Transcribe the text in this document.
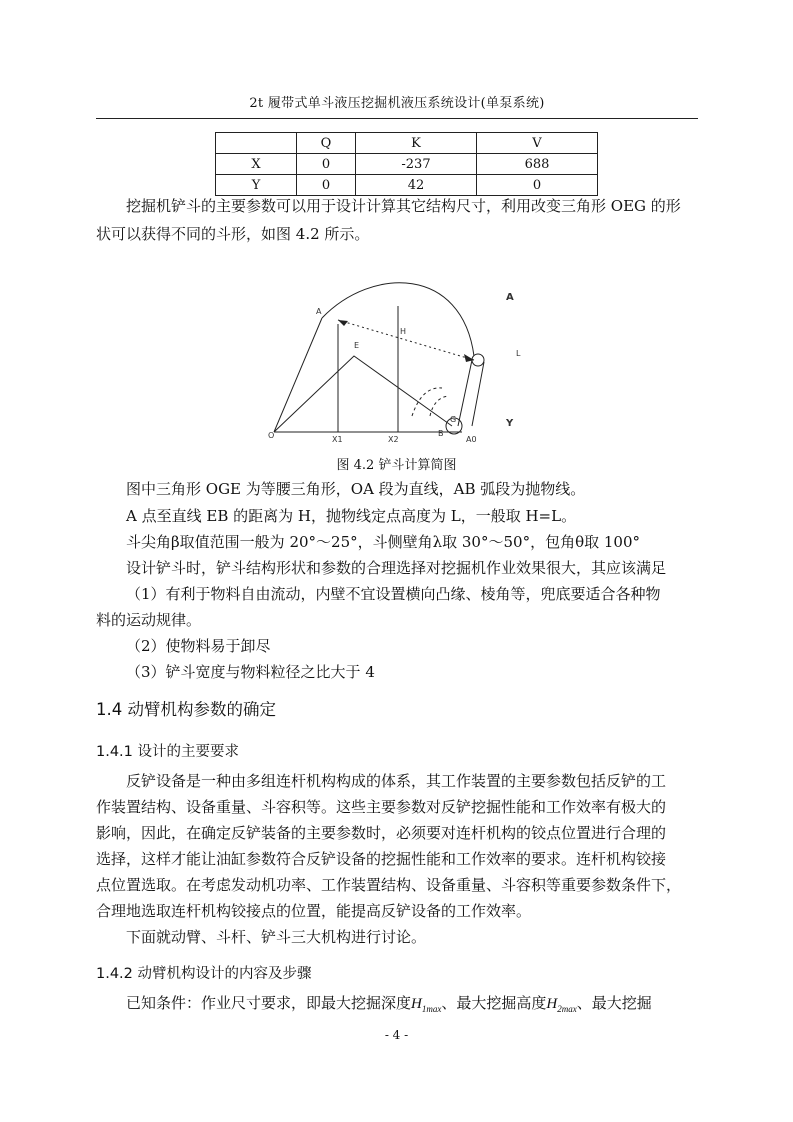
2t 履带式单斗液压挖掘机液压系统设计(单泵系统)
	Q	K	V
X	0	-237	688
Y	0	42	0
挖掘机铲斗的主要参数可以用于设计计算其它结构尺寸，利用改变三角形 OEG 的形
状可以获得不同的斗形，如图 4.2 所示。
O
A
E
X1	X2
B
A0
H
G
L
A
Y
图 4.2 铲斗计算简图
图中三角形 OGE 为等腰三角形，OA 段为直线，AB 弧段为抛物线。
A 点至直线 EB 的距离为 H，抛物线定点高度为 L，一般取 H=L。
斗尖角β取值范围一般为 20°～25°，斗侧壁角λ取 30°～50°，包角θ取 100°
设计铲斗时，铲斗结构形状和参数的合理选择对挖掘机作业效果很大，其应该满足
（1）有利于物料自由流动，内壁不宜设置横向凸缘、棱角等，兜底要适合各种物
料的运动规律。
（2）使物料易于卸尽
（3）铲斗宽度与物料粒径之比大于 4
1.4 动臂机构参数的确定
1.4.1 设计的主要要求
反铲设备是一种由多组连杆机构构成的体系，其工作装置的主要参数包括反铲的工
作装置结构、设备重量、斗容积等。这些主要参数对反铲挖掘性能和工作效率有极大的
影响，因此，在确定反铲装备的主要参数时，必须要对连杆机构的铰点位置进行合理的
选择，这样才能让油缸参数符合反铲设备的挖掘性能和工作效率的要求。连杆机构铰接
点位置选取。在考虑发动机功率、工作装置结构、设备重量、斗容积等重要参数条件下，
合理地选取连杆机构铰接点的位置，能提高反铲设备的工作效率。
下面就动臂、斗杆、铲斗三大机构进行讨论。
1.4.2 动臂机构设计的内容及步骤
已知条件：作业尺寸要求，即最大挖掘深度$H_{1max}$、最大挖掘高度$H_{2max}$、最大挖掘
- 4 -
